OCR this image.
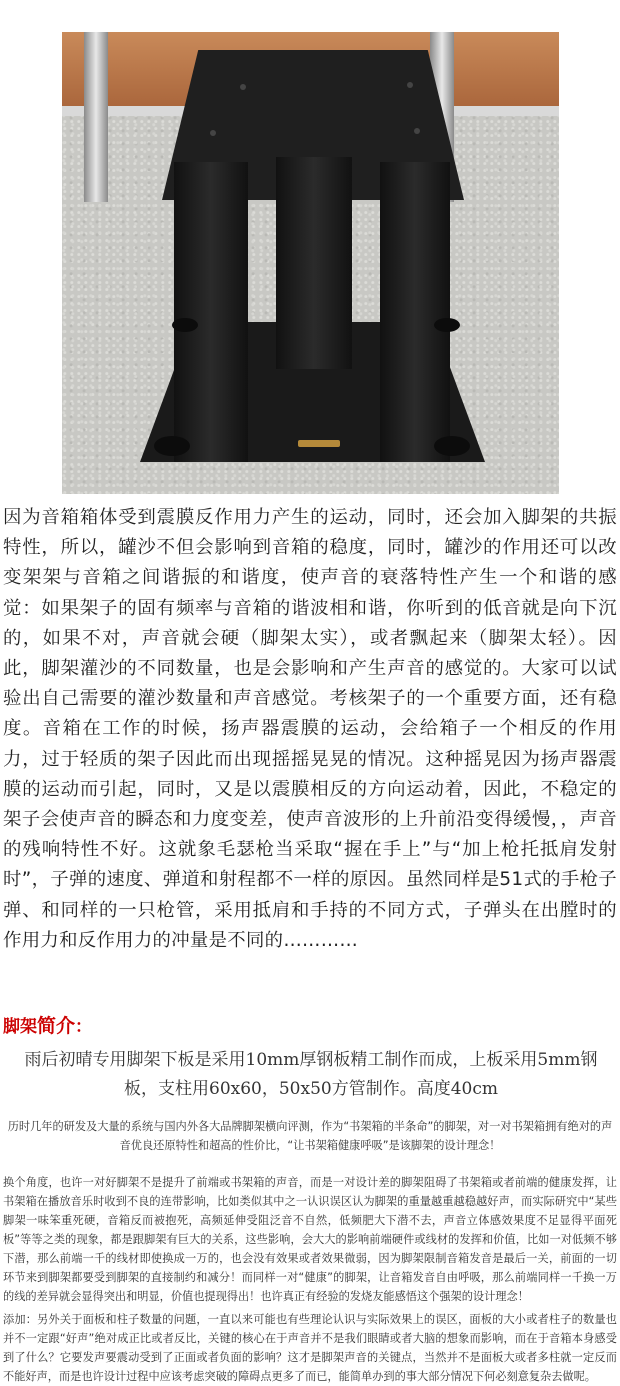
因为音箱箱体受到震膜反作用力产生的运动，同时，还会加入脚架的共振特性，所以，罐沙不但会影响到音箱的稳度，同时，罐沙的作用还可以改变架架与音箱之间谐振的和谐度，使声音的衰落特性产生一个和谐的感觉：如果架子的固有频率与音箱的谐波相和谐，你听到的低音就是向下沉的，如果不对，声音就会硬（脚架太实），或者飘起来（脚架太轻）。因此，脚架灌沙的不同数量，也是会影响和产生声音的感觉的。大家可以试验出自己需要的灌沙数量和声音感觉。考核架子的一个重要方面，还有稳度。音箱在工作的时候，扬声器震膜的运动，会给箱子一个相反的作用力，过于轻质的架子因此而出现摇摇晃晃的情况。这种摇晃因为扬声器震膜的运动而引起，同时，又是以震膜相反的方向运动着，因此，不稳定的架子会使声音的瞬态和力度变差，使声音波形的上升前沿变得缓慢，，声音的残响特性不好。这就象毛瑟枪当采取“握在手上”与“加上枪托抵肩发射时”，子弹的速度、弹道和射程都不一样的原因。虽然同样是51式的手枪子弹、和同样的一只枪管，采用抵肩和手持的不同方式，子弹头在出膛时的作用力和反作用力的冲量是不同的…………
脚架简介：
雨后初晴专用脚架下板是采用10mm厚钢板精工制作而成，上板采用5mm钢板，支柱用60x60，50x50方管制作。高度40cm
历时几年的研发及大量的系统与国内外各大品牌脚架横向评测，作为“书架箱的半条命”的脚架，对一对书架箱拥有绝对的声音优良还原特性和超高的性价比，“让书架箱健康呼吸”是该脚架的设计理念！
换个角度，也许一对好脚架不是提升了前端或书架箱的声音，而是一对设计差的脚架阻碍了书架箱或者前端的健康发挥，让书架箱在播放音乐时收到不良的连带影响，比如类似其中之一认识误区认为脚架的重量越重越稳越好声，而实际研究中“某些脚架一味笨重死硬，音箱反而被抱死，高频延伸受阻泛音不自然，低频肥大下潜不去，声音立体感效果度不足显得平面死板”等等之类的现象，都是跟脚架有巨大的关系，这些影响，会大大的影响前端硬件或线材的发挥和价值，比如一对低频不够下潜，那么前端一千的线材即使换成一万的，也会没有效果或者效果微弱，因为脚架限制音箱发音是最后一关，前面的一切环节来到脚架都要受到脚架的直接制约和减分！而同样一对“健康”的脚架，让音箱发音自由呼吸，那么前端同样一千换一万的线的差异就会显得突出和明显，价值也提现得出！也许真正有经验的发烧友能感悟这个强架的设计理念！
添加：另外关于面板和柱子数量的问题，一直以来可能也有些理论认识与实际效果上的误区，面板的大小或者柱子的数量也并不一定跟“好声”绝对成正比或者反比，关键的核心在于声音并不是我们眼睛或者大脑的想象而影响，而在于音箱本身感受到了什么？它要发声要震动受到了正面或者负面的影响？这才是脚架声音的关键点，当然并不是面板大或者多柱就一定反而不能好声，而是也许设计过程中应该考虑突破的障碍点更多了而已，能简单办到的事大部分情况下何必刻意复杂去做呢。
